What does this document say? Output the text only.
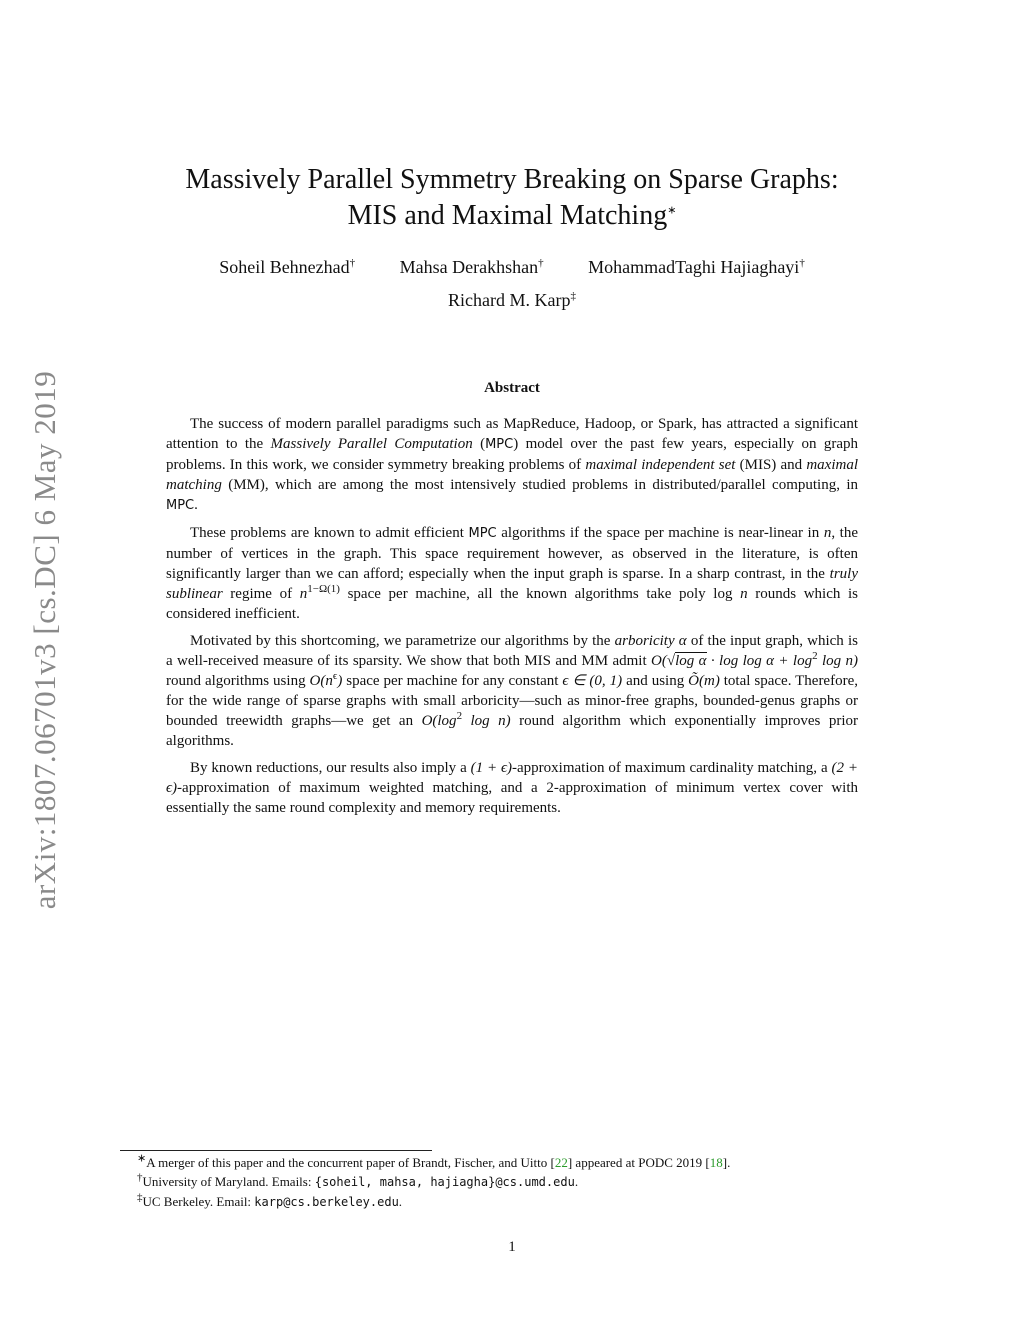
arXiv:1807.06701v3 [cs.DC] 6 May 2019
Massively Parallel Symmetry Breaking on Sparse Graphs:
MIS and Maximal Matching∗
Soheil Behnezhad† Mahsa Derakhshan† MohammadTaghi Hajiaghayi†
Richard M. Karp‡
Abstract

The success of modern parallel paradigms such as MapReduce, Hadoop, or Spark, has attracted a significant attention to the Massively Parallel Computation (MPC) model over the past few years, especially on graph problems. In this work, we consider symmetry breaking problems of maximal independent set (MIS) and maximal matching (MM), which are among the most intensively studied problems in distributed/parallel computing, in MPC.

These problems are known to admit efficient MPC algorithms if the space per machine is near-linear in n, the number of vertices in the graph. This space requirement however, as observed in the literature, is often significantly larger than we can afford; especially when the input graph is sparse. In a sharp contrast, in the truly sublinear regime of $n^{1-\Omega(1)}$ space per machine, all the known algorithms take poly log n rounds which is considered inefficient.

Motivated by this shortcoming, we parametrize our algorithms by the arboricity α of the input graph, which is a well-received measure of its sparsity. We show that both MIS and MM admit O(√log $\alpha \cdot \log \log \alpha + \log^2 \log n$) round algorithms using $O(n^\epsilon)$ space per machine for any constant ϵ ∈ (0, 1) and using Õ(m) total space. Therefore, for the wide range of sparse graphs with small arboricity—such as minor-free graphs, bounded-genus graphs or bounded treewidth graphs—we get an $O(\log^2$ log n) round algorithm which exponentially improves prior algorithms.

By known reductions, our results also imply a (1 + ϵ)-approximation of maximum cardinality matching, a (2 + ϵ)-approximation of maximum weighted matching, and a 2-approximation of minimum vertex cover with essentially the same round complexity and memory requirements.

∗A merger of this paper and the concurrent paper of Brandt, Fischer, and Uitto [22] appeared at PODC 2019 [18].
†University of Maryland. Emails: {soheil, mahsa, hajiagha}@cs.umd.edu.
‡UC Berkeley. Email: karp@cs.berkeley.edu.
1
